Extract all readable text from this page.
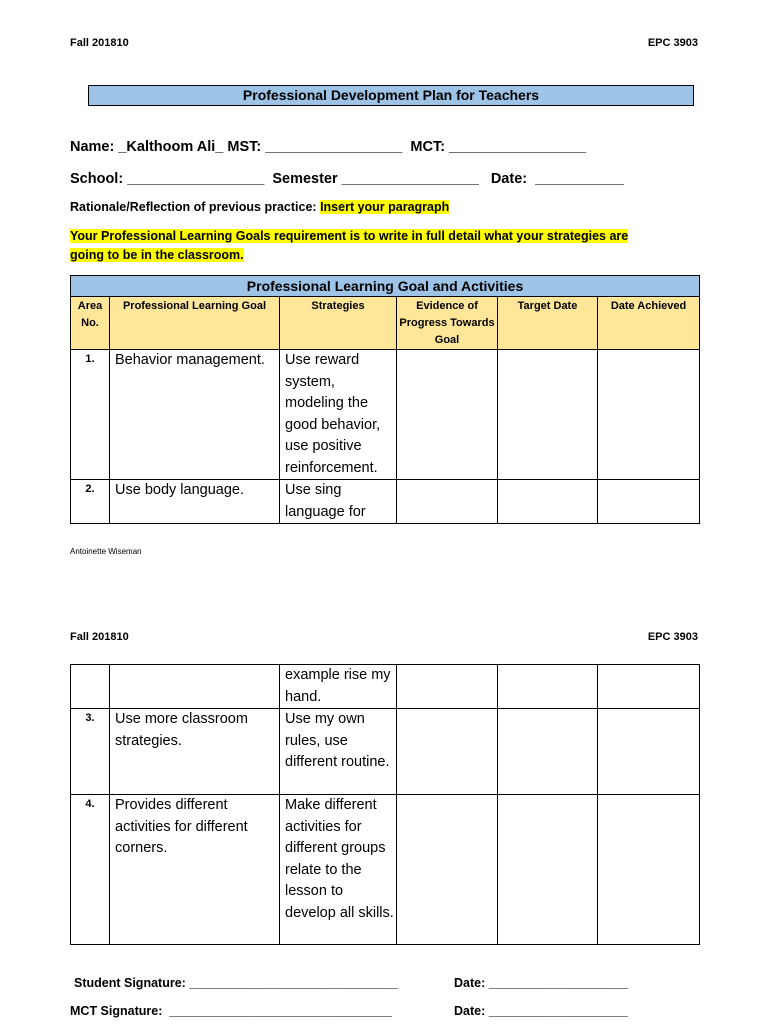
Fall 201810	EPC 3903
Professional Development Plan for Teachers
Name: _Kalthoom Ali_ MST: _________________  MCT: _________________
School: _________________  Semester _________________   Date:  ___________
Rationale/Reflection of previous practice: Insert your paragraph
Your Professional Learning Goals requirement is to write in full detail what your strategies are
going to be in the classroom.
Professional Learning Goal and Activities					
Area No.	Professional Learning Goal	Strategies	Evidence of Progress Towards Goal	Target Date	Date Achieved
1.	Behavior management.	Use reward system, modeling the good behavior, use positive reinforcement.			
2.	Use body language.	Use sing language for			
Antoinette Wiseman
Fall 201810	EPC 3903
		example rise my hand.			
3.	Use more classroom strategies.	Use my own rules, use different routine.			
4.	Provides different activities for different corners.	Make different activities for different groups relate to the lesson to develop all skills.			
Student Signature: ______________________________	Date: ____________________
MCT Signature:  ________________________________	Date: ____________________
